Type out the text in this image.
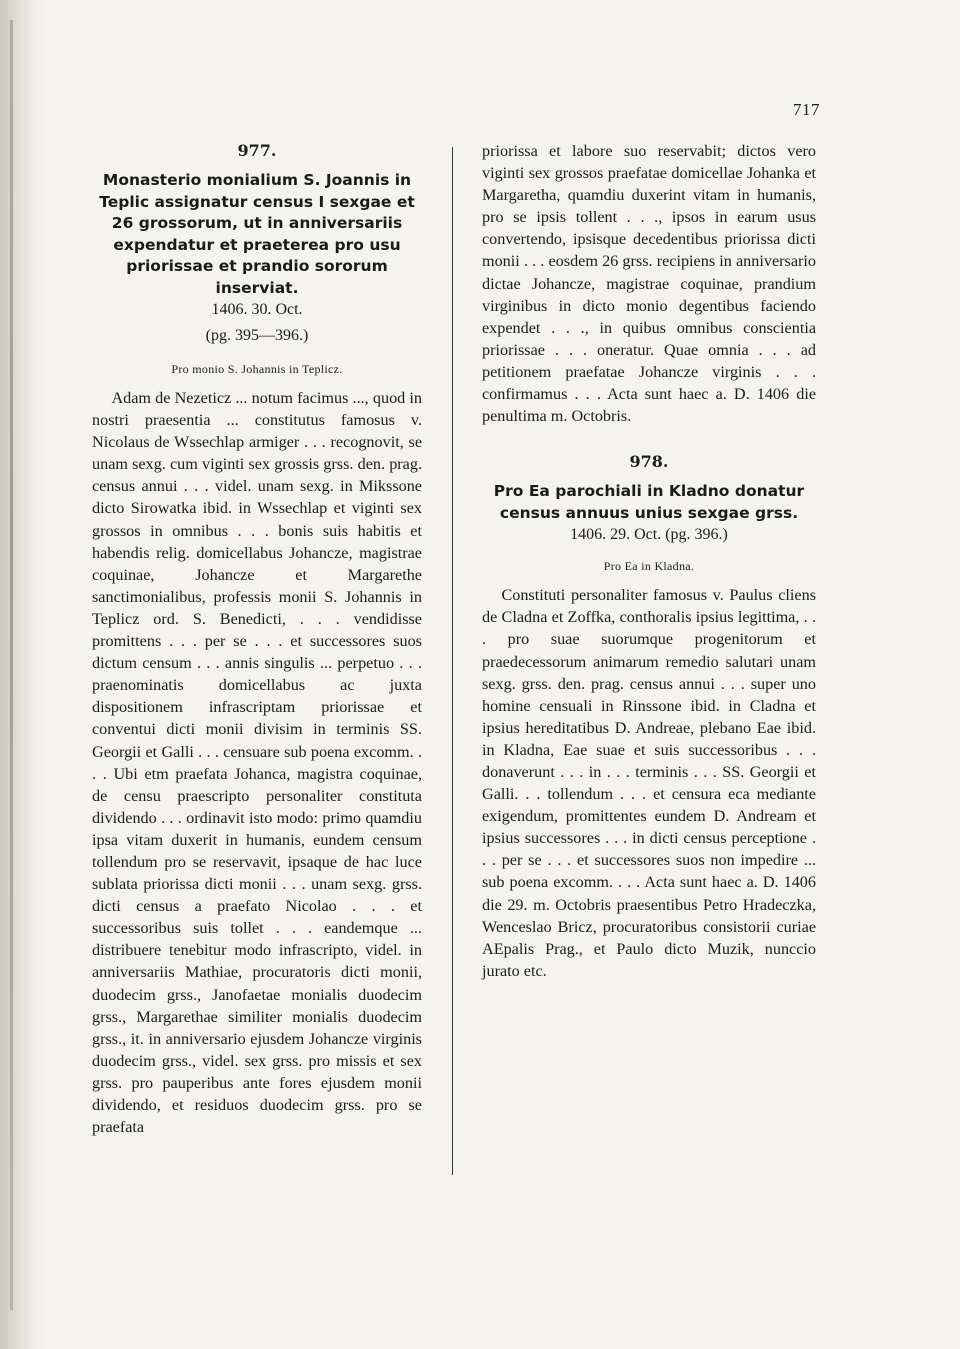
717

977.

Monasterio monialium S. Joannis in Teplic assignatur census I sexgae et 26 grossorum, ut in anniversariis expendatur et praeterea pro usu priorissae et prandio sororum inserviat.

1406. 30. Oct.

(pg. 395—396.)

Pro monio S. Johannis in Teplicz.

Adam de Nezeticz ... notum facimus ..., quod in nostri praesentia ... constitutus famosus v. Nicolaus de Wssechlap armiger . . . recognovit, se unam sexg. cum viginti sex grossis grss. den. prag. census annui . . . videl. unam sexg. in Mikssone dicto Sirowatka ibid. in Wssechlap et viginti sex grossos in omnibus . . . bonis suis habitis et habendis relig. domicellabus Johancze, magistrae coquinae, Johancze et Margarethe sanctimonialibus, professis monii S. Johannis in Teplicz ord. S. Benedicti, . . . vendidisse promittens . . . per se . . . et successores suos dictum censum . . . annis singulis ... perpetuo . . . praenominatis domicellabus ac juxta dispositionem infrascriptam priorissae et conventui dicti monii divisim in terminis SS. Georgii et Galli . . . censuare sub poena excomm. . . . Ubi etm praefata Johanca, magistra coquinae, de censu praescripto personaliter constituta dividendo . . . ordinavit isto modo: primo quamdiu ipsa vitam duxerit in humanis, eundem censum tollendum pro se reservavit, ipsaque de hac luce sublata priorissa dicti monii . . . unam sexg. grss. dicti census a praefato Nicolao . . . et successoribus suis tollet . . . eandemque ... distribuere tenebitur modo infrascripto, videl. in anniversariis Mathiae, procuratoris dicti monii, duodecim grss., Janofaetae monialis duodecim grss., Margarethae similiter monialis duodecim grss., it. in anniversario ejusdem Johancze virginis duodecim grss., videl. sex grss. pro missis et sex grss. pro pauperibus ante fores ejusdem monii dividendo, et residuos duodecim grss. pro se praefata

priorissa et labore suo reservabit; dictos vero viginti sex grossos praefatae domicellae Johanka et Margaretha, quamdiu duxerint vitam in humanis, pro se ipsis tollent . . ., ipsos in earum usus convertendo, ipsisque decedentibus priorissa dicti monii . . . eosdem 26 grss. recipiens in anniversario dictae Johancze, magistrae coquinae, prandium virginibus in dicto monio degentibus faciendo expendet . . ., in quibus omnibus conscientia priorissae . . . oneratur. Quae omnia . . . ad petitionem praefatae Johancze virginis . . . confirmamus . . . Acta sunt haec a. D. 1406 die penultima m. Octobris.

978.

Pro Ea parochiali in Kladno donatur census annuus unius sexgae grss.

1406. 29. Oct. (pg. 396.)

Pro Ea in Kladna.

Constituti personaliter famosus v. Paulus cliens de Cladna et Zoffka, conthoralis ipsius legittima, . . . pro suae suorumque progenitorum et praedecessorum animarum remedio salutari unam sexg. grss. den. prag. census annui . . . super uno homine censuali in Rinssone ibid. in Cladna et ipsius hereditatibus D. Andreae, plebano Eae ibid. in Kladna, Eae suae et suis successoribus . . . donaverunt . . . in . . . terminis . . . SS. Georgii et Galli. . . tollendum . . . et censura eca mediante exigendum, promittentes eundem D. Andream et ipsius successores . . . in dicti census perceptione . . . per se . . . et successores suos non impedire ... sub poena excomm. . . . Acta sunt haec a. D. 1406 die 29. m. Octobris praesentibus Petro Hradeczka, Wenceslao Bricz, procuratoribus consistorii curiae AEpalis Prag., et Paulo dicto Muzik, nunccio jurato etc.
